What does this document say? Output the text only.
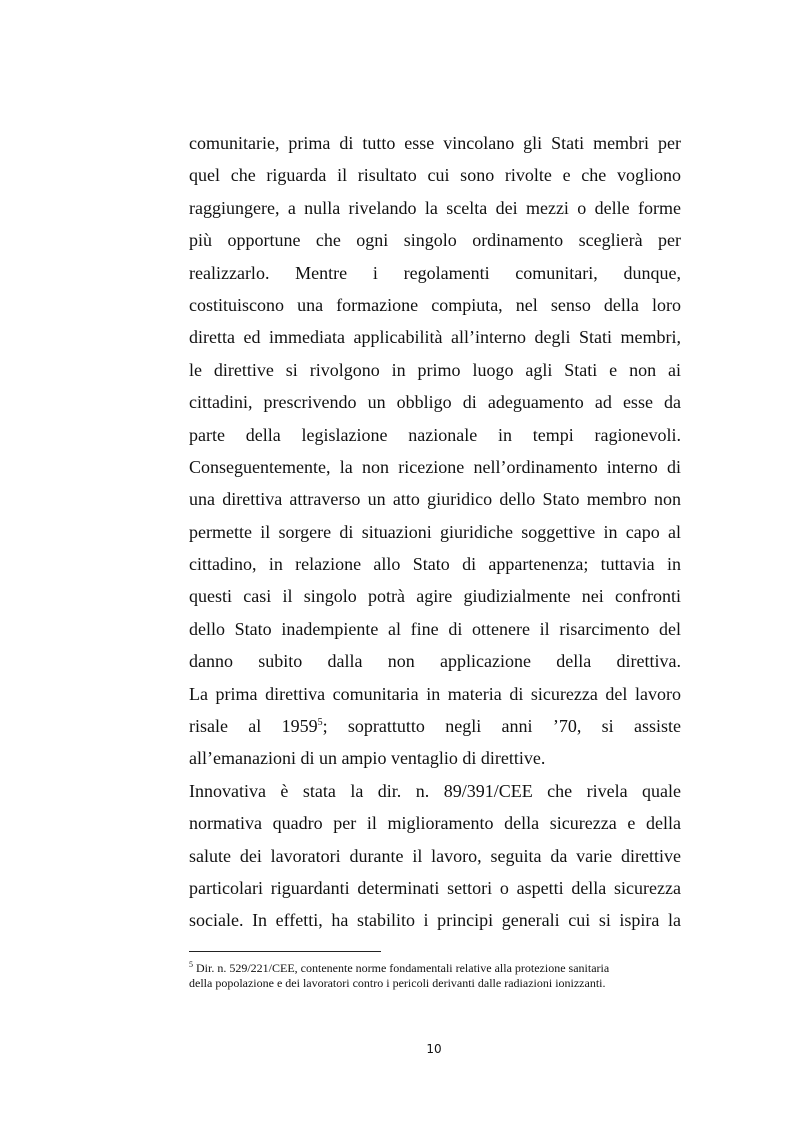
comunitarie, prima di tutto esse vincolano gli Stati membri per
quel che riguarda il risultato cui sono rivolte e che vogliono
raggiungere, a nulla rivelando la scelta dei mezzi o delle forme
più opportune che ogni singolo ordinamento sceglierà per
realizzarlo. Mentre i regolamenti comunitari, dunque,
costituiscono una formazione compiuta, nel senso della loro
diretta ed immediata applicabilità all’interno degli Stati membri,
le direttive si rivolgono in primo luogo agli Stati e non ai
cittadini, prescrivendo un obbligo di adeguamento ad esse da
parte della legislazione nazionale in tempi ragionevoli.
Conseguentemente, la non ricezione nell’ordinamento interno di
una direttiva attraverso un atto giuridico dello Stato membro non
permette il sorgere di situazioni giuridiche soggettive in capo al
cittadino, in relazione allo Stato di appartenenza; tuttavia in
questi casi il singolo potrà agire giudizialmente nei confronti
dello Stato inadempiente al fine di ottenere il risarcimento del
danno subito dalla non applicazione della direttiva.
La prima direttiva comunitaria in materia di sicurezza del lavoro
risale al 1959$^5$; soprattutto negli anni ’70, si assiste
all’emanazioni di un ampio ventaglio di direttive.
Innovativa è stata la dir. n. 89/391/CEE che rivela quale
normativa quadro per il miglioramento della sicurezza e della
salute dei lavoratori durante il lavoro, seguita da varie direttive
particolari riguardanti determinati settori o aspetti della sicurezza
sociale. In effetti, ha stabilito i principi generali cui si ispira la
$^5$ Dir. n. 529/221/CEE, contenente norme fondamentali relative alla protezione sanitaria
della popolazione e dei lavoratori contro i pericoli derivanti dalle radiazioni ionizzanti.
10
